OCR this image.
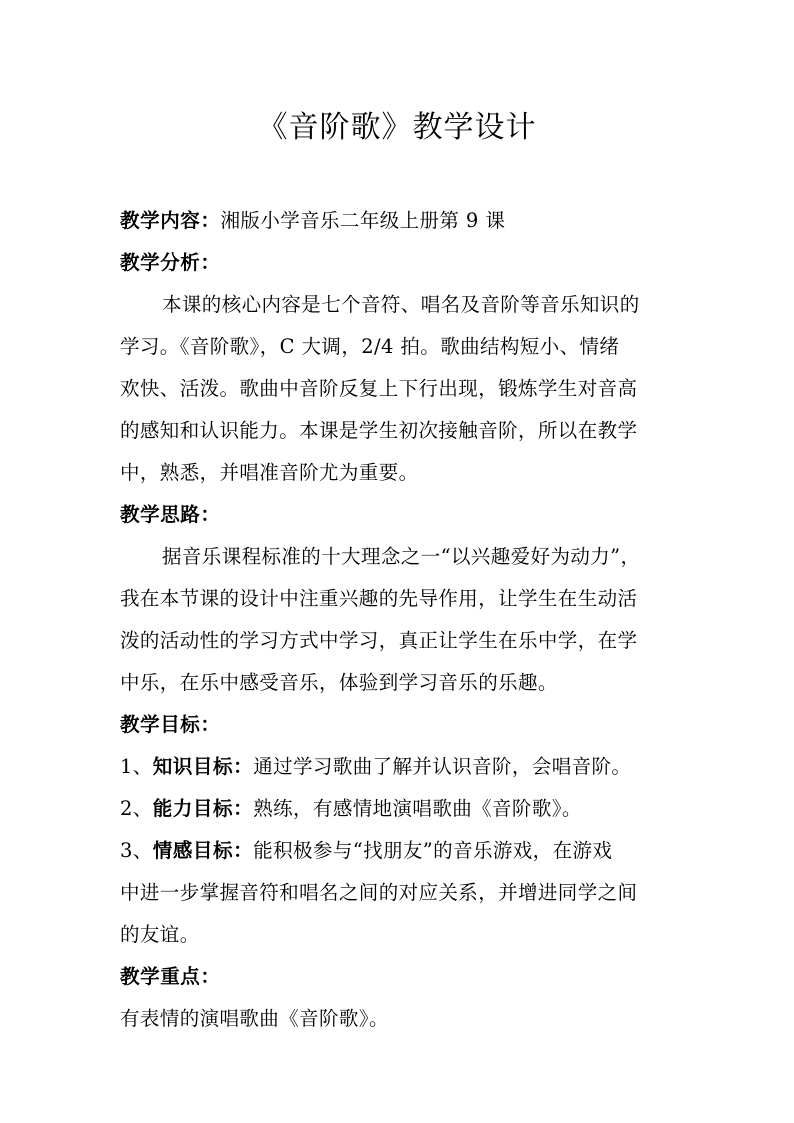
《音阶歌》教学设计
教学内容：湘版小学音乐二年级上册第 9 课
教学分析：
本课的核心内容是七个音符、唱名及音阶等音乐知识的
学习。《音阶歌》，C 大调，2/4 拍。歌曲结构短小、情绪
欢快、活泼。歌曲中音阶反复上下行出现，锻炼学生对音高
的感知和认识能力。本课是学生初次接触音阶，所以在教学
中，熟悉，并唱准音阶尤为重要。
教学思路：
据音乐课程标准的十大理念之一“以兴趣爱好为动力”，
我在本节课的设计中注重兴趣的先导作用，让学生在生动活
泼的活动性的学习方式中学习，真正让学生在乐中学，在学
中乐，在乐中感受音乐，体验到学习音乐的乐趣。
教学目标：
1、知识目标：通过学习歌曲了解并认识音阶，会唱音阶。
2、能力目标：熟练，有感情地演唱歌曲《音阶歌》。
3、情感目标：能积极参与“找朋友”的音乐游戏，在游戏
中进一步掌握音符和唱名之间的对应关系，并增进同学之间
的友谊。
教学重点：
有表情的演唱歌曲《音阶歌》。
